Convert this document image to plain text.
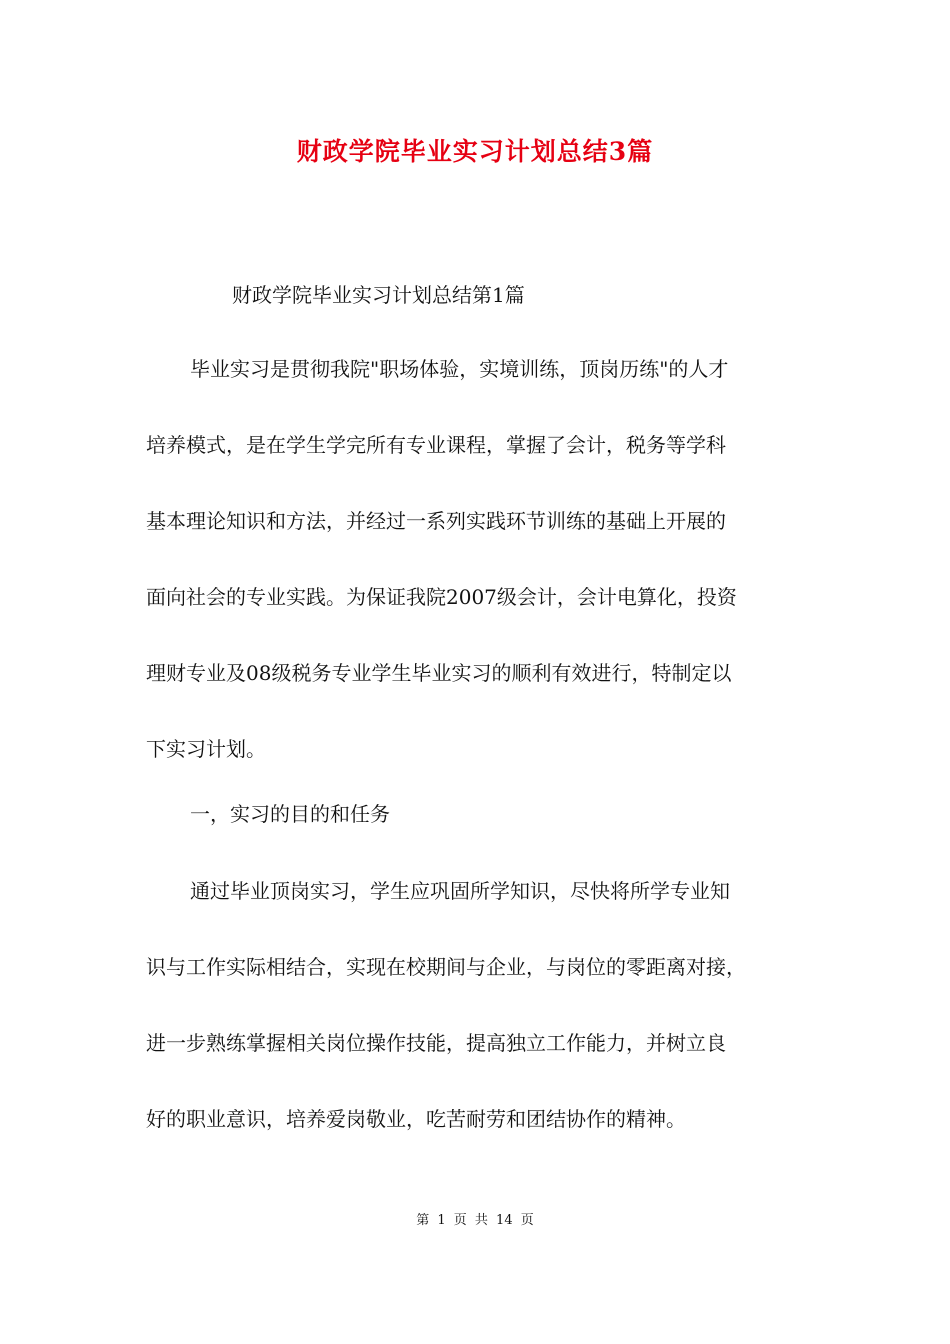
财政学院毕业实习计划总结3篇
财政学院毕业实习计划总结第1篇
毕业实习是贯彻我院"职场体验，实境训练，顶岗历练"的人才
培养模式，是在学生学完所有专业课程，掌握了会计，税务等学科
基本理论知识和方法，并经过一系列实践环节训练的基础上开展的
面向社会的专业实践。为保证我院2007级会计，会计电算化，投资
理财专业及08级税务专业学生毕业实习的顺利有效进行，特制定以
下实习计划。
一，实习的目的和任务
通过毕业顶岗实习，学生应巩固所学知识，尽快将所学专业知
识与工作实际相结合，实现在校期间与企业，与岗位的零距离对接，
进一步熟练掌握相关岗位操作技能，提高独立工作能力，并树立良
好的职业意识，培养爱岗敬业，吃苦耐劳和团结协作的精神。
第 1 页 共 14 页
